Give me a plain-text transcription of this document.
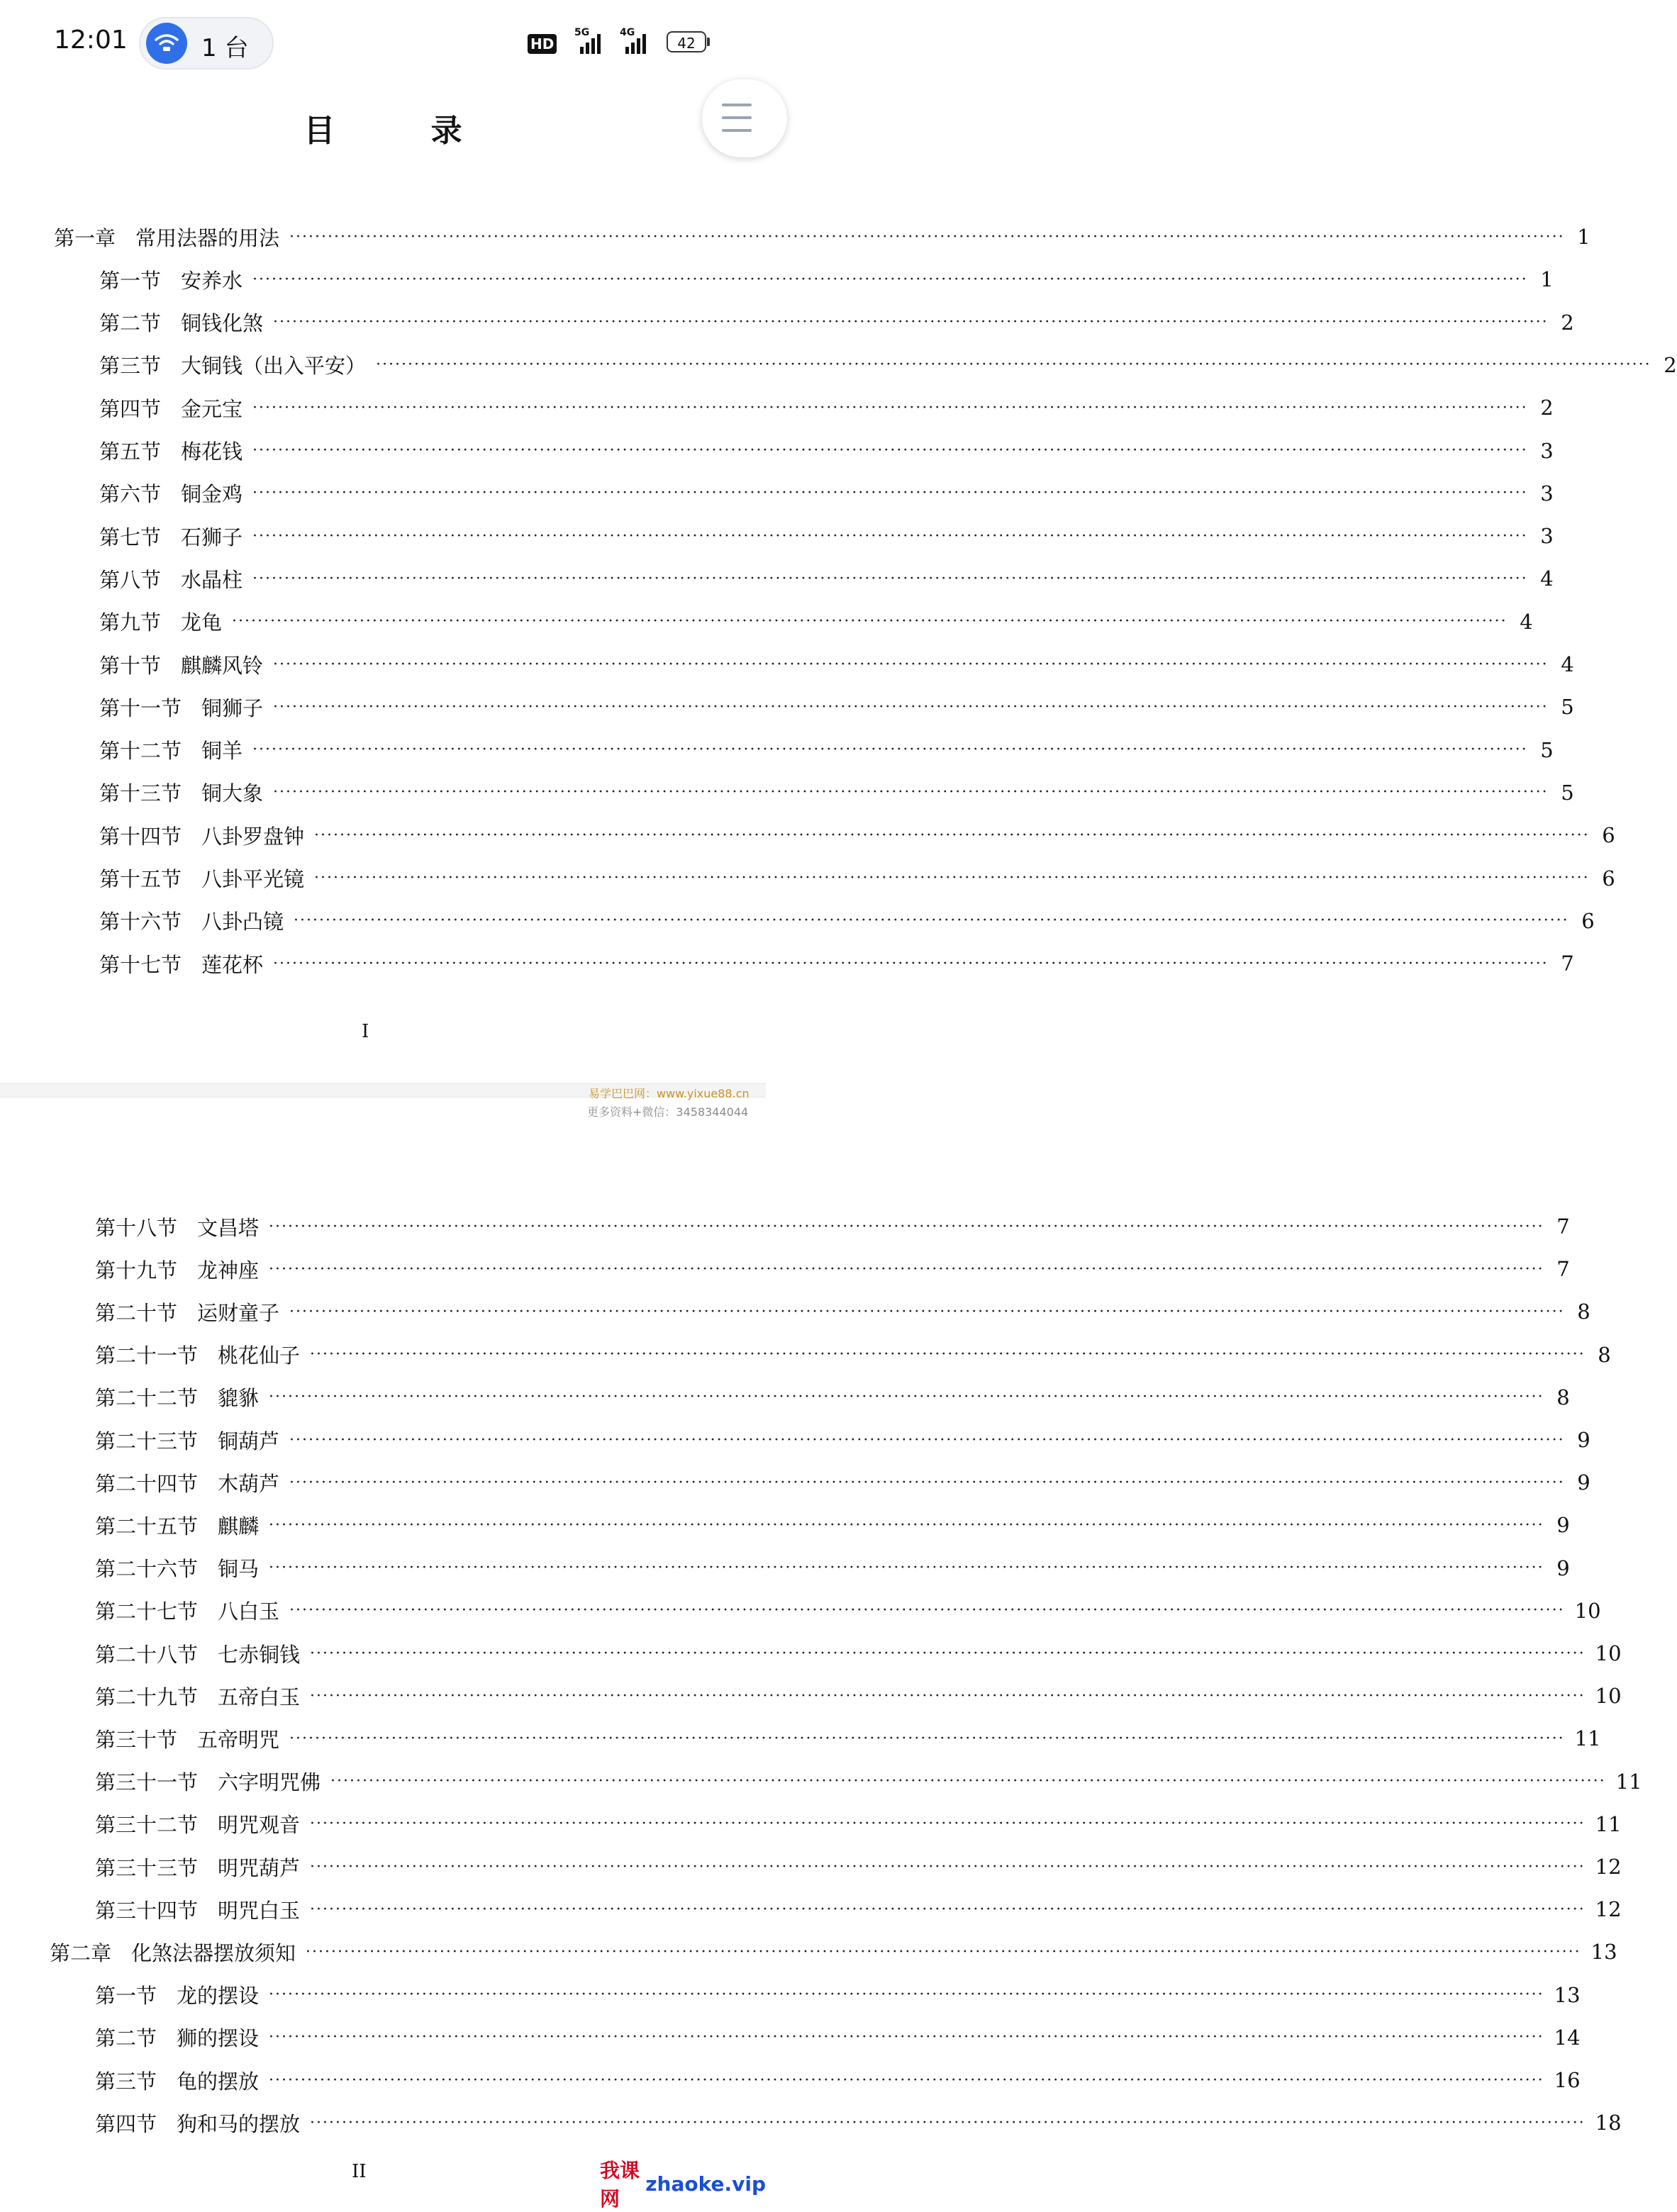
12:01	1 台	HD
5G	4G
42
目 录
第一章 常用法器的用法 ········································································································································································································ 1
第一节 安养水 ········································································································································································································ 1
第二节 铜钱化煞 ········································································································································································································ 2
第三节 大铜钱（出入平安） ········································································································································································································ 2
第四节 金元宝 ········································································································································································································ 2
第五节 梅花钱 ········································································································································································································ 3
第六节 铜金鸡 ········································································································································································································ 3
第七节 石狮子 ········································································································································································································ 3
第八节 水晶柱 ········································································································································································································ 4
第九节 龙龟 ········································································································································································································ 4
第十节 麒麟风铃 ········································································································································································································ 4
第十一节 铜狮子 ········································································································································································································ 5
第十二节 铜羊 ········································································································································································································ 5
第十三节 铜大象 ········································································································································································································ 5
第十四节 八卦罗盘钟 ········································································································································································································ 6
第十五节 八卦平光镜 ········································································································································································································ 6
第十六节 八卦凸镜 ········································································································································································································ 6
第十七节 莲花杯 ········································································································································································································ 7
I
易学巴巴网：www.yixue88.cn
更多资料+微信：3458344044
第十八节 文昌塔 ········································································································································································································ 7
第十九节 龙神座 ········································································································································································································ 7
第二十节 运财童子 ········································································································································································································ 8
第二十一节 桃花仙子 ········································································································································································································ 8
第二十二节 貔貅 ········································································································································································································ 8
第二十三节 铜葫芦 ········································································································································································································ 9
第二十四节 木葫芦 ········································································································································································································ 9
第二十五节 麒麟 ········································································································································································································ 9
第二十六节 铜马 ········································································································································································································ 9
第二十七节 八白玉 ········································································································································································································ 10
第二十八节 七赤铜钱 ········································································································································································································ 10
第二十九节 五帝白玉 ········································································································································································································ 10
第三十节 五帝明咒 ········································································································································································································ 11
第三十一节 六字明咒佛 ········································································································································································································ 11
第三十二节 明咒观音 ········································································································································································································ 11
第三十三节 明咒葫芦 ········································································································································································································ 12
第三十四节 明咒白玉 ········································································································································································································ 12
第二章 化煞法器摆放须知 ········································································································································································································ 13
第一节 龙的摆设 ········································································································································································································ 13
第二节 狮的摆设 ········································································································································································································ 14
第三节 龟的摆放 ········································································································································································································ 16
第四节 狗和马的摆放 ········································································································································································································ 18
II	我课网
zhaoke.vip
